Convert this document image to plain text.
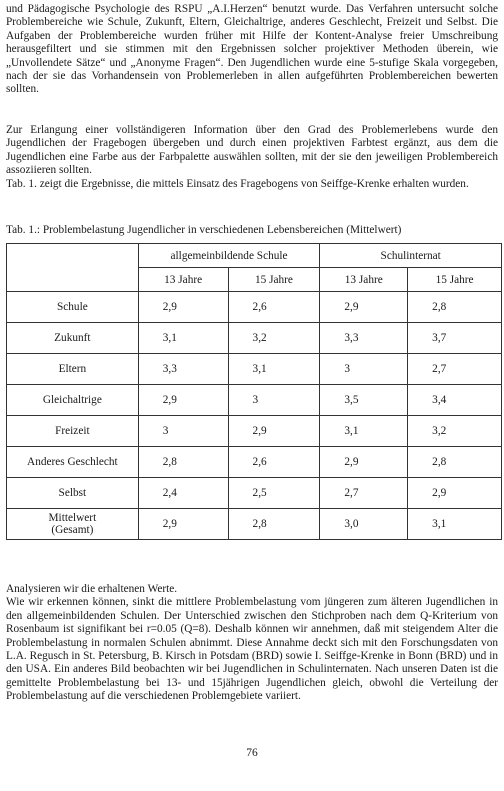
und Pädagogische Psychologie des RSPU „A.I.Herzen“ benutzt wurde. Das Verfahren untersucht solche Problembereiche wie Schule, Zukunft, Eltern, Gleichaltrige, anderes Geschlecht, Freizeit und Selbst. Die Aufgaben der Problembereiche wurden früher mit Hilfe der Kontent-Analyse freier Umschreibung herausgefiltert und sie stimmen mit den Ergebnissen solcher projektiver Methoden überein, wie „Unvollendete Sätze“ und „Anonyme Fragen“. Den Jugendlichen wurde eine 5-stufige Skala vorgegeben, nach der sie das Vorhandensein von Problemerleben in allen aufgeführten Problembereichen bewerten sollten.

Zur Erlangung einer vollständigeren Information über den Grad des Problemerlebens wurde den Jugendlichen der Fragebogen übergeben und durch einen projektiven Farbtest ergänzt, aus dem die Jugendlichen eine Farbe aus der Farbpalette auswählen sollten, mit der sie den jeweiligen Problembereich assoziieren sollten.
Tab. 1. zeigt die Ergebnisse, die mittels Einsatz des Fragebogens von Seiffge-Krenke erhalten wurden.

Tab. 1.: Problembelastung Jugendlicher in verschiedenen Lebensbereichen (Mittelwert)

	allgemeinbildende Schule		Schulinternat	
	13 Jahre	15 Jahre	13 Jahre	15 Jahre
Schule	2,9	2,6	2,9	2,8
Zukunft	3,1	3,2	3,3	3,7
Eltern	3,3	3,1	3	2,7
Gleichaltrige	2,9	3	3,5	3,4
Freizeit	3	2,9	3,1	3,2
Anderes Geschlecht	2,8	2,6	2,9	2,8
Selbst	2,4	2,5	2,7	2,9
Mittelwert
(Gesamt)	2,9	2,8	3,0	3,1

Analysieren wir die erhaltenen Werte.
Wie wir erkennen können, sinkt die mittlere Problembelastung vom jüngeren zum älteren Jugendlichen in den allgemeinbildenden Schulen. Der Unterschied zwischen den Stichproben nach dem Q-Kriterium von Rosenbaum ist signifikant bei r=0.05 (Q=8). Deshalb können wir annehmen, daß mit steigendem Alter die Problembelastung in normalen Schulen abnimmt. Diese Annahme deckt sich mit den Forschungsdaten von L.A. Regusch in St. Petersburg, B. Kirsch in Potsdam (BRD) sowie I. Seiffge-Krenke in Bonn (BRD) und in den USA. Ein anderes Bild beobachten wir bei Jugendlichen in Schulinternaten. Nach unseren Daten ist die gemittelte Problembelastung bei 13- und 15jährigen Jugendlichen gleich, obwohl die Verteilung der Problembelastung auf die verschiedenen Problemgebiete variiert.

76
